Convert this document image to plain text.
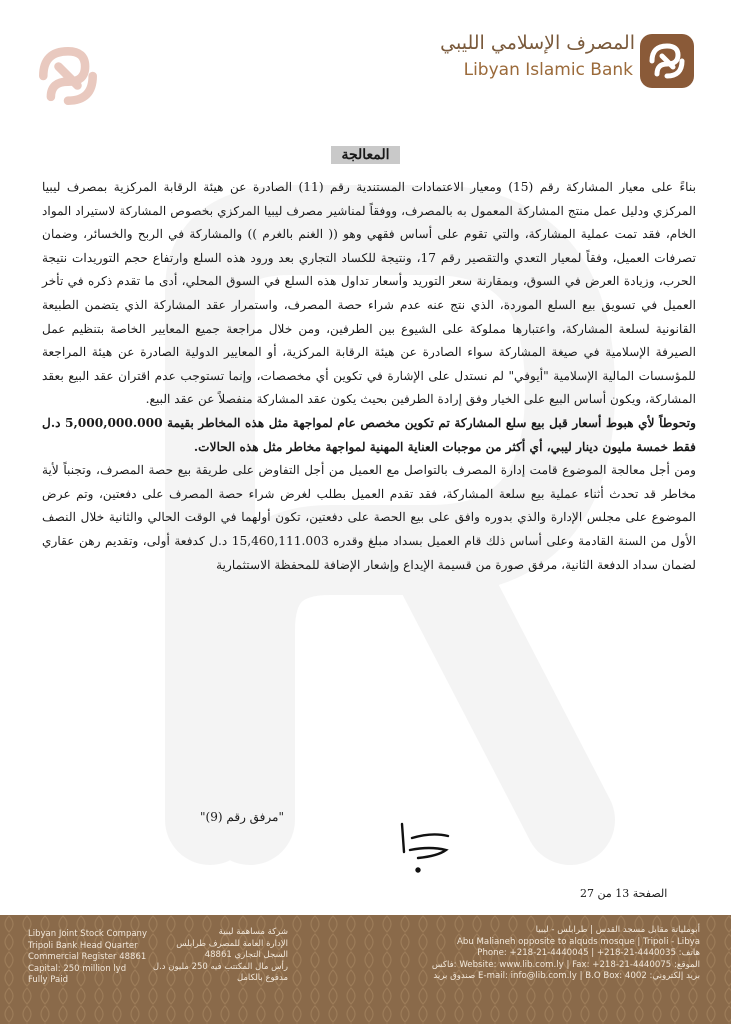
المصرف الإسلامي الليبي
Libyan Islamic Bank
المعالجة

بناءً على معيار المشاركة رقم (15) ومعيار الاعتمادات المستندية رقم (11) الصادرة عن هيئة الرقابة المركزية بمصرف ليبيا المركزي ودليل عمل منتج المشاركة المعمول به بالمصرف، ووفقاً لمناشير مصرف ليبيا المركزي بخصوص المشاركة لاستيراد المواد الخام، فقد تمت عملية المشاركة، والتي تقوم على أساس فقهي وهو (( الغنم بالغرم )) والمشاركة في الربح والخسائر، وضمان تصرفات العميل، وفقاً لمعيار التعدي والتقصير رقم 17، ونتيجة للكساد التجاري بعد ورود هذه السلع وارتفاع حجم التوريدات نتيجة الحرب، وزيادة العرض في السوق، وبمقارنة سعر التوريد وأسعار تداول هذه السلع في السوق المحلي، أدى ما تقدم ذكره في تأخر العميل في تسويق بيع السلع الموردة، الذي نتج عنه عدم شراء حصة المصرف، واستمرار عقد المشاركة الذي يتضمن الطبيعة القانونية لسلعة المشاركة، واعتبارها مملوكة على الشيوع بين الطرفين، ومن خلال مراجعة جميع المعايير الخاصة بتنظيم عمل الصيرفة الإسلامية في صيغة المشاركة سواء الصادرة عن هيئة الرقابة المركزية، أو المعايير الدولية الصادرة عن هيئة المراجعة للمؤسسات المالية الإسلامية "أيوفي" لم نستدل على الإشارة في تكوين أي مخصصات، وإنما تستوجب عدم اقتران عقد البيع بعقد المشاركة، ويكون أساس البيع على الخيار وفق إرادة الطرفين بحيث يكون عقد المشاركة منفصلاً عن عقد البيع.

وتحوطاً لأي هبوط أسعار قبل بيع سلع المشاركة تم تكوين مخصص عام لمواجهة مثل هذه المخاطر بقيمة 5,000,000.000 د.ل فقط خمسة مليون دينار ليبي، أي أكثر من موجبات العناية المهنية لمواجهة مخاطر مثل هذه الحالات.

ومن أجل معالجة الموضوع قامت إدارة المصرف بالتواصل مع العميل من أجل التفاوض على طريقة بيع حصة المصرف، وتجنباً لأية مخاطر قد تحدث أثناء عملية بيع سلعة المشاركة، فقد تقدم العميل بطلب لغرض شراء حصة المصرف على دفعتين، وتم عرض الموضوع على مجلس الإدارة والذي بدوره وافق على بيع الحصة على دفعتين، تكون أولهما في الوقت الحالي والثانية خلال النصف الأول من السنة القادمة وعلى أساس ذلك قام العميل بسداد مبلغ وقدره 15,460,111.003 د.ل كدفعة أولى، وتقديم رهن عقاري لضمان سداد الدفعة الثانية، مرفق صورة من قسيمة الإيداع وإشعار الإضافة للمحفظة الاستثمارية

"مرفق رقم (9)"
الصفحة 13 من 27
Libyan Joint Stock Company
Tripoli Bank Head Quarter
Commercial Register 48861
Capital: 250 million lyd
Fully Paid
شركة مساهمة ليبية
الإدارة العامة للمصرف طرابلس
السجل التجاري 48861
رأس مال المكتتب فيه 250 مليون د.ل
مدفوع بالكامل
أبومليانة مقابل مسجد القدس | طرابلس - ليبيا
Abu Malianeh opposite to alquds mosque | Tripoli - Libya
هاتف: Phone: +218-21-4440045 | +218-21-4440035
الموقع: Website: www.lib.com.ly | Fax: +218-21-4440075 :فاكس
بريد إلكتروني: E-mail: info@lib.com.ly | B.O Box: 4002 صندوق بريد
